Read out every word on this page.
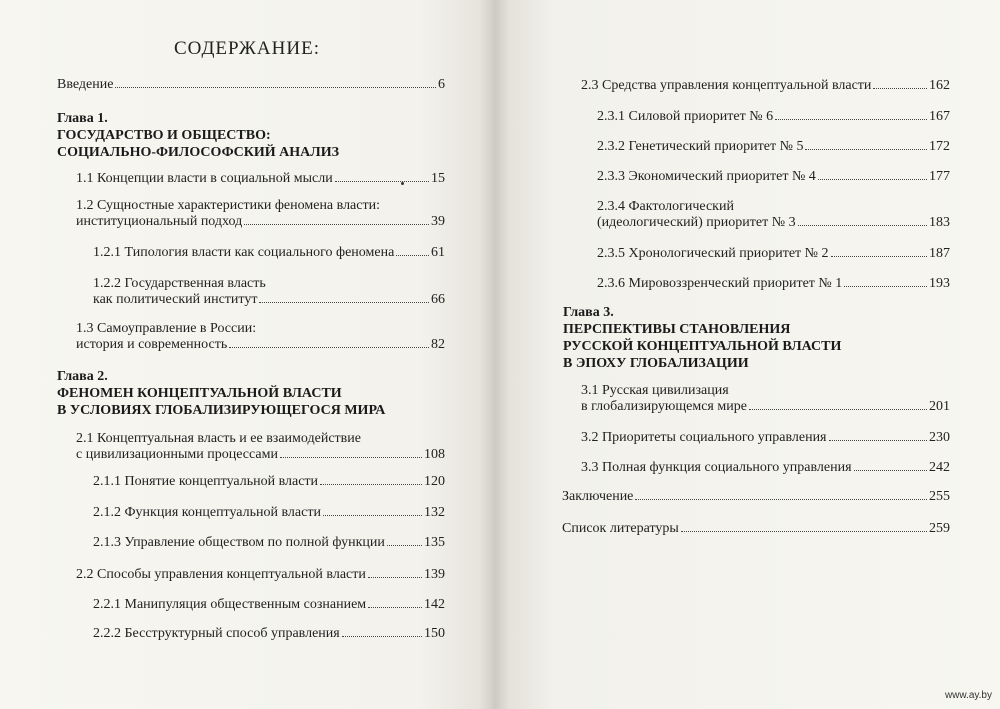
СОДЕРЖАНИЕ:
Введение	6
Глава 1.
ГОСУДАРСТВО И ОБЩЕСТВО:
СОЦИАЛЬНО-ФИЛОСОФСКИЙ АНАЛИЗ
1.1 Концепции власти в социальной мысли	15
1.2 Сущностные характеристики феномена власти:
институциональный подход	39
1.2.1 Типология власти как социального феномена	61
1.2.2 Государственная власть
как политический институт	66
1.3 Самоуправление в России:
история и современность	82
Глава 2.
ФЕНОМЕН КОНЦЕПТУАЛЬНОЙ ВЛАСТИ
В УСЛОВИЯХ ГЛОБАЛИЗИРУЮЩЕГОСЯ МИРА
2.1 Концептуальная власть и ее взаимодействие
с цивилизационными процессами	108
2.1.1 Понятие концептуальной власти	120
2.1.2 Функция концептуальной власти	132
2.1.3 Управление обществом по полной функции	135
2.2 Способы управления концептуальной власти	139
2.2.1 Манипуляция общественным сознанием	142
2.2.2 Бесструктурный способ управления	150
2.3 Средства управления концептуальной власти	162
2.3.1 Силовой приоритет № 6	167
2.3.2 Генетический приоритет № 5	172
2.3.3 Экономический приоритет № 4	177
2.3.4 Фактологический
(идеологический) приоритет № 3	183
2.3.5 Хронологический приоритет № 2	187
2.3.6 Мировоззренческий приоритет № 1	193
Глава 3.
ПЕРСПЕКТИВЫ СТАНОВЛЕНИЯ
РУССКОЙ КОНЦЕПТУАЛЬНОЙ ВЛАСТИ
В ЭПОХУ ГЛОБАЛИЗАЦИИ
3.1 Русская цивилизация
в глобализирующемся мире	201
3.2 Приоритеты социального управления	230
3.3 Полная функция социального управления	242
Заключение	255
Список литературы	259
www.ay.by
